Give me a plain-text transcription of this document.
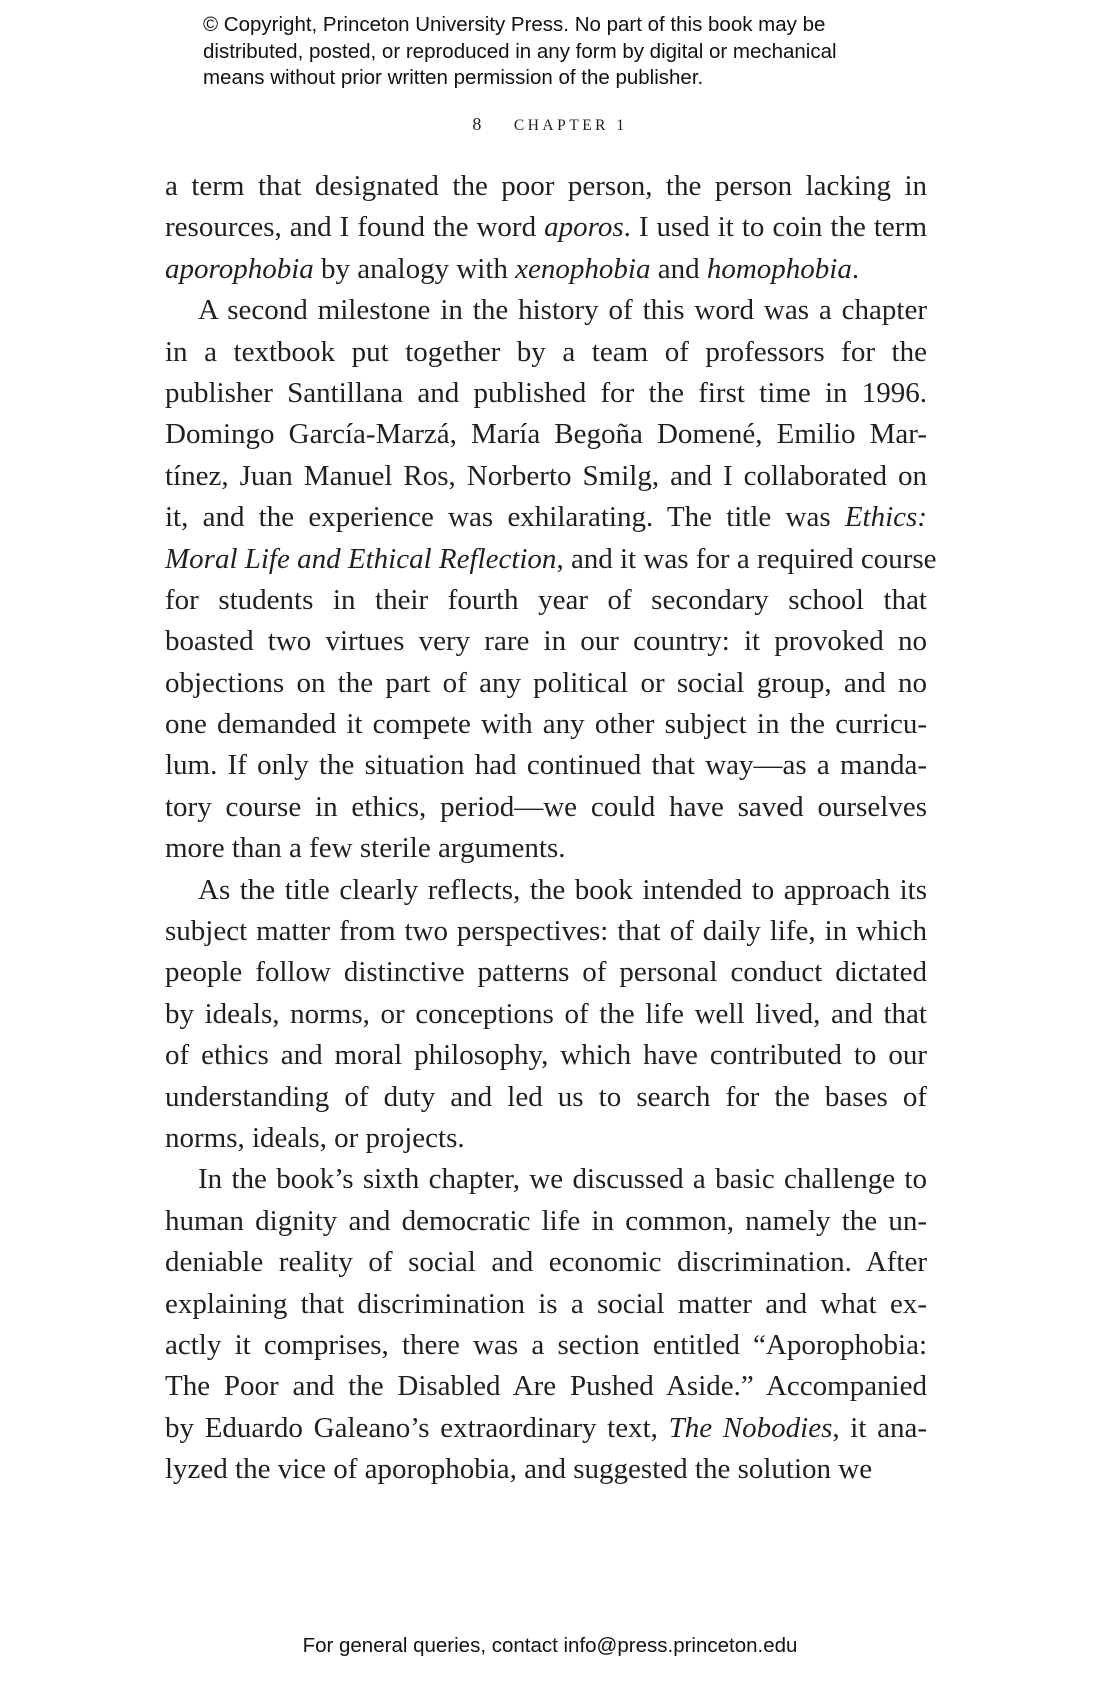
© Copyright, Princeton University Press. No part of this book may be
distributed, posted, or reproduced in any form by digital or mechanical
means without prior written permission of the publisher.
8 CHAPTER 1
a term that designated the poor person, the person lacking in
resources, and I found the word aporos. I used it to coin the term
aporophobia by analogy with xenophobia and homophobia.
A second milestone in the history of this word was a chapter
in a textbook put together by a team of professors for the
publisher Santillana and published for the first time in 1996.
Domingo García-Marzá, María Begoña Domené, Emilio Mar-
tínez, Juan Manuel Ros, Norberto Smilg, and I collaborated on
it, and the experience was exhilarating. The title was Ethics:
Moral Life and Ethical Reflection, and it was for a required course
for students in their fourth year of secondary school that
boasted two virtues very rare in our country: it provoked no
objections on the part of any political or social group, and no
one demanded it compete with any other subject in the curricu-
lum. If only the situation had continued that way—as a manda-
tory course in ethics, period—we could have saved ourselves
more than a few sterile arguments.
As the title clearly reflects, the book intended to approach its
subject matter from two perspectives: that of daily life, in which
people follow distinctive patterns of personal conduct dictated
by ideals, norms, or conceptions of the life well lived, and that
of ethics and moral philosophy, which have contributed to our
understanding of duty and led us to search for the bases of
norms, ideals, or projects.
In the book’s sixth chapter, we discussed a basic challenge to
human dignity and democratic life in common, namely the un-
deniable reality of social and economic discrimination. After
explaining that discrimination is a social matter and what ex-
actly it comprises, there was a section entitled “Aporophobia:
The Poor and the Disabled Are Pushed Aside.” Accompanied
by Eduardo Galeano’s extraordinary text, The Nobodies, it ana-
lyzed the vice of aporophobia, and suggested the solution we
For general queries, contact info@press.princeton.edu
